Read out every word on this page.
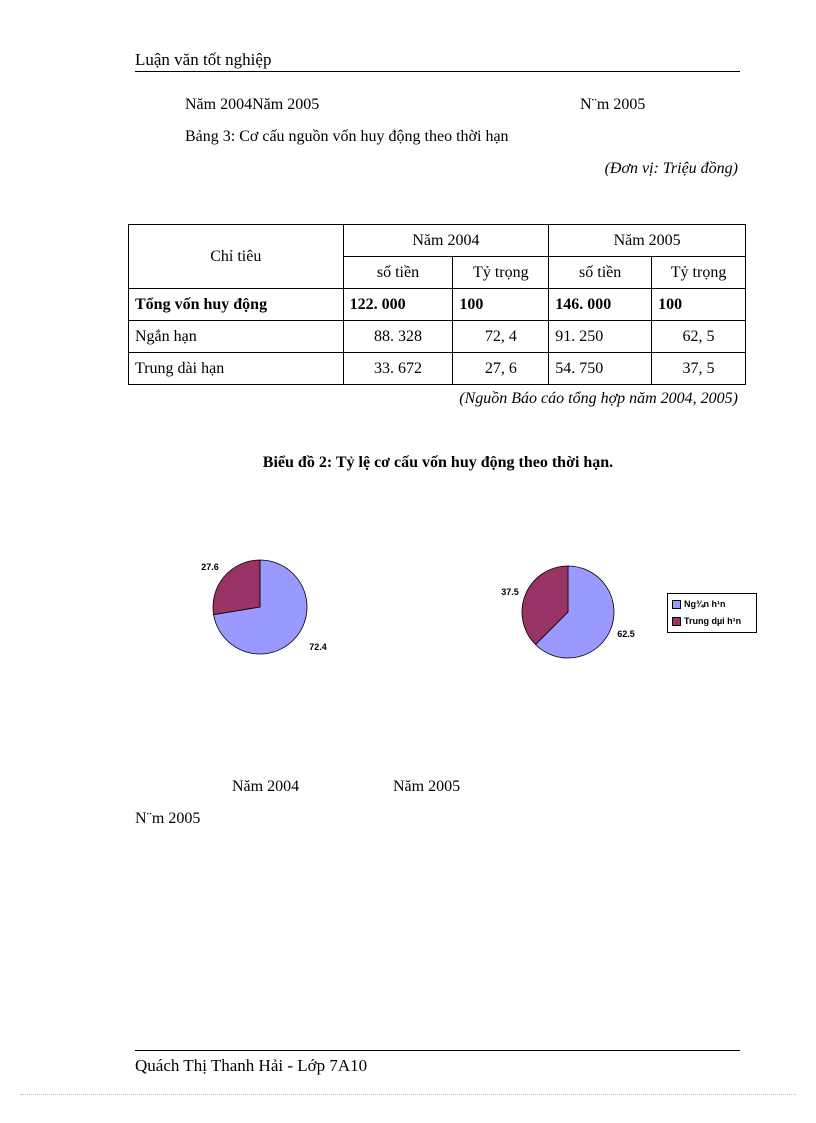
Luận văn tốt nghiệp
Năm 2004Năm 2005	N¨m 2005
Bảng 3: Cơ cấu nguồn vốn huy động theo thời hạn
(Đơn vị: Triệu đồng)
Chỉ tiêu	Năm 2004		Năm 2005	
	số tiền	Tỷ trọng	số tiền	Tỷ trọng
Tổng vốn huy động	122. 000	100	146. 000	100
Ngắn hạn	88. 328	72, 4	91. 250	62, 5
Trung dài hạn	33. 672	27, 6	54. 750	37, 5
(Nguồn Báo cáo tổng hợp năm 2004, 2005)
Biểu đồ 2: Tỷ lệ cơ cấu vốn huy động theo thời hạn.
72.4
27.6
62.5
37.5
Ng¾n h¹n
Trung dµi h¹n
Năm 2004	Năm 2005
N¨m 2005
Quách Thị Thanh Hải - Lớp 7A10
